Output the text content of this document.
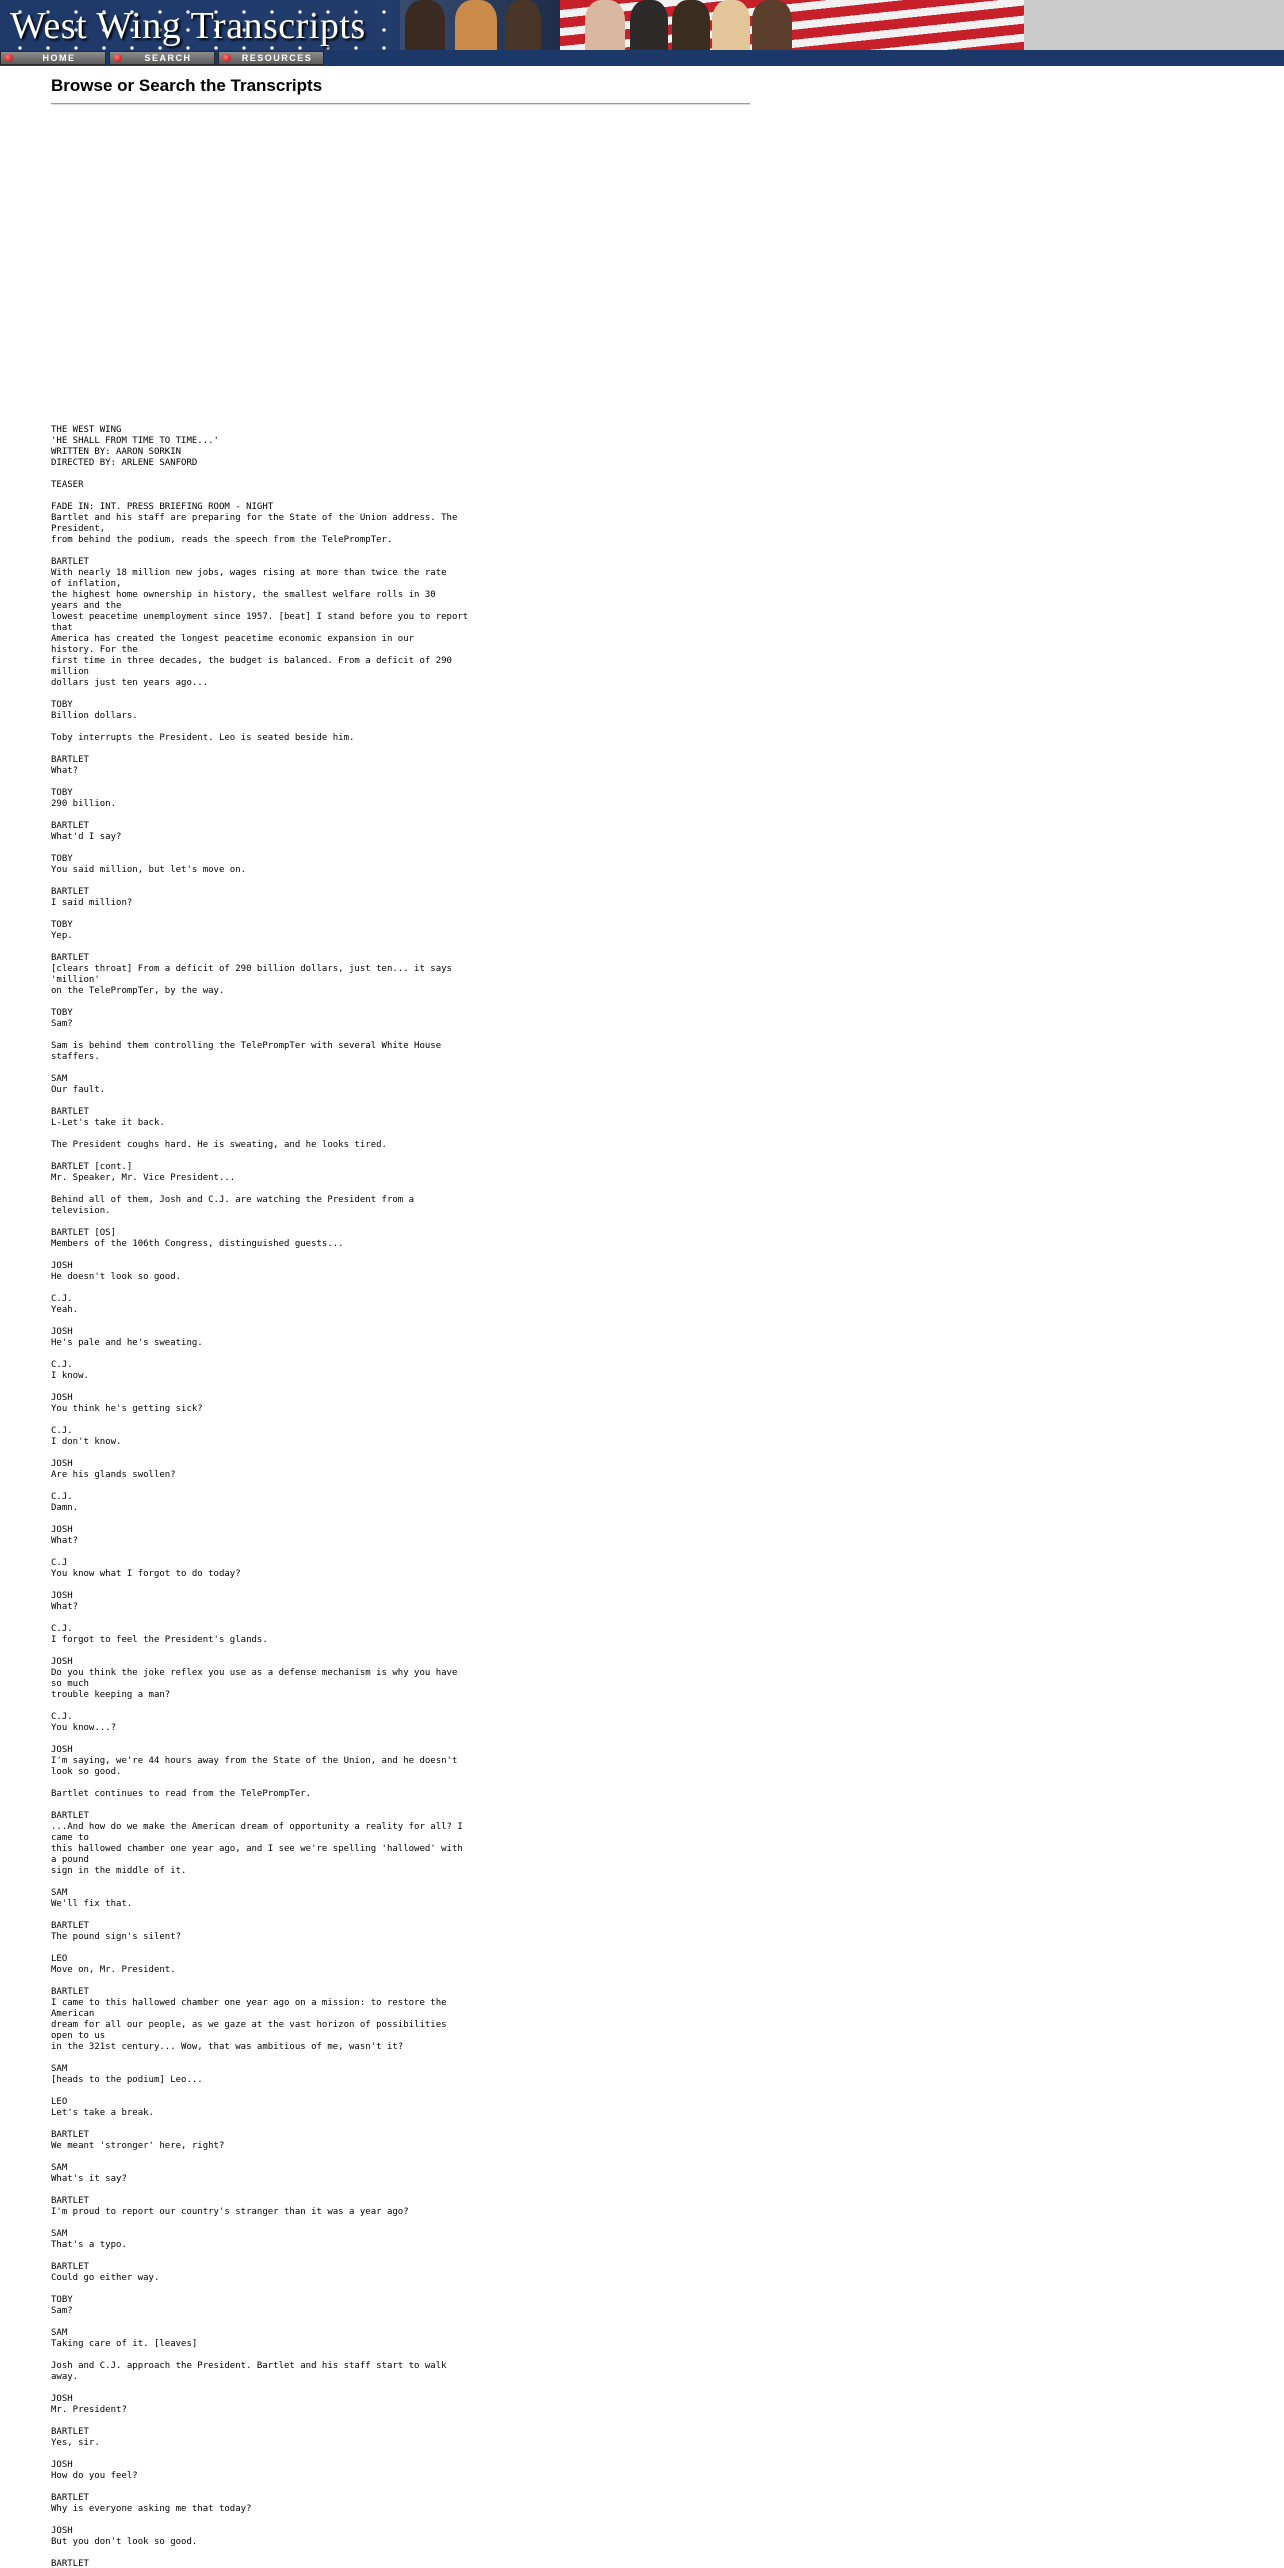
West Wing Transcripts
HOME	SEARCH	RESOURCES
Browse or Search the Transcripts
THE WEST WING
'HE SHALL FROM TIME TO TIME...'
WRITTEN BY: AARON SORKIN
DIRECTED BY: ARLENE SANFORD

TEASER

FADE IN: INT. PRESS BRIEFING ROOM - NIGHT
Bartlet and his staff are preparing for the State of the Union address. The
President,
from behind the podium, reads the speech from the TelePrompTer.

BARTLET
With nearly 18 million new jobs, wages rising at more than twice the rate
of inflation,
the highest home ownership in history, the smallest welfare rolls in 30
years and the
lowest peacetime unemployment since 1957. [beat] I stand before you to report
that
America has created the longest peacetime economic expansion in our
history. For the
first time in three decades, the budget is balanced. From a deficit of 290
million
dollars just ten years ago...

TOBY
Billion dollars.

Toby interrupts the President. Leo is seated beside him.

BARTLET
What?

TOBY
290 billion.

BARTLET
What'd I say?

TOBY
You said million, but let's move on.

BARTLET
I said million?

TOBY
Yep.

BARTLET
[clears throat] From a deficit of 290 billion dollars, just ten... it says
'million'
on the TelePrompTer, by the way.

TOBY
Sam?

Sam is behind them controlling the TelePrompTer with several White House
staffers.

SAM
Our fault.

BARTLET
L-Let's take it back.

The President coughs hard. He is sweating, and he looks tired.

BARTLET [cont.]
Mr. Speaker, Mr. Vice President...

Behind all of them, Josh and C.J. are watching the President from a
television.

BARTLET [OS]
Members of the 106th Congress, distinguished guests...

JOSH
He doesn't look so good.

C.J.
Yeah.

JOSH
He's pale and he's sweating.

C.J.
I know.

JOSH
You think he's getting sick?

C.J.
I don't know.

JOSH
Are his glands swollen?

C.J.
Damn.

JOSH
What?

C.J
You know what I forgot to do today?

JOSH
What?

C.J.
I forgot to feel the President's glands.

JOSH
Do you think the joke reflex you use as a defense mechanism is why you have
so much
trouble keeping a man?

C.J.
You know...?

JOSH
I'm saying, we're 44 hours away from the State of the Union, and he doesn't
look so good.

Bartlet continues to read from the TelePrompTer.

BARTLET
...And how do we make the American dream of opportunity a reality for all? I
came to
this hallowed chamber one year ago, and I see we're spelling 'hallowed' with
a pound
sign in the middle of it.

SAM
We'll fix that.

BARTLET
The pound sign's silent?

LEO
Move on, Mr. President.

BARTLET
I came to this hallowed chamber one year ago on a mission: to restore the
American
dream for all our people, as we gaze at the vast horizon of possibilities
open to us
in the 321st century... Wow, that was ambitious of me, wasn't it?

SAM
[heads to the podium] Leo...

LEO
Let's take a break.

BARTLET
We meant 'stronger' here, right?

SAM
What's it say?

BARTLET
I'm proud to report our country's stranger than it was a year ago?

SAM
That's a typo.

BARTLET
Could go either way.

TOBY
Sam?

SAM
Taking care of it. [leaves]

Josh and C.J. approach the President. Bartlet and his staff start to walk
away.

JOSH
Mr. President?

BARTLET
Yes, sir.

JOSH
How do you feel?

BARTLET
Why is everyone asking me that today?

JOSH
But you don't look so good.

BARTLET
